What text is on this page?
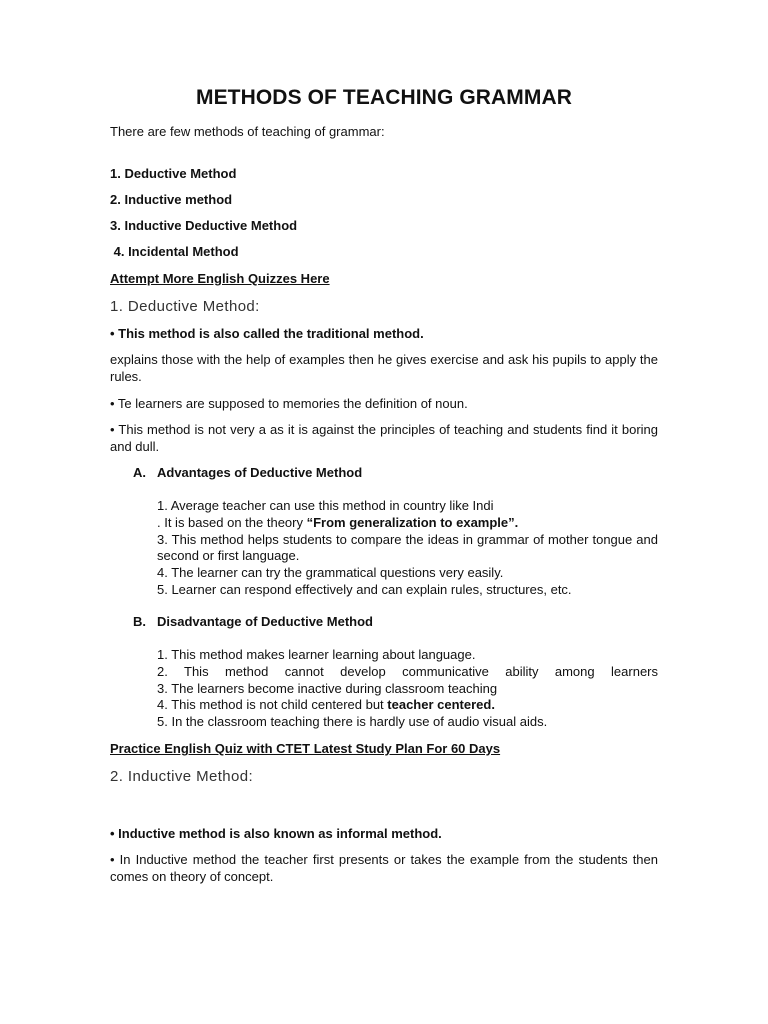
METHODS OF TEACHING GRAMMAR
There are few methods of teaching of grammar:
1. Deductive Method
2. Inductive method
3. Inductive Deductive Method
4. Incidental Method
Attempt More English Quizzes Here
1. Deductive Method:
• This method is also called the traditional method.
explains those with the help of examples then he gives exercise and ask his pupils to apply the rules.
• Te learners are supposed to memories the definition of noun.
• This method is not very a as it is against the principles of teaching and students find it boring and dull.
A. Advantages of Deductive Method
1. Average teacher can use this method in country like Indi
. It is based on the theory “From generalization to example”.
3. This method helps students to compare the ideas in grammar of mother tongue and second or first language.
4. The learner can try the grammatical questions very easily.
5. Learner can respond effectively and can explain rules, structures, etc.
B. Disadvantage of Deductive Method
1. This method makes learner learning about language.
2. This method cannot develop communicative ability among learners
3. The learners become inactive during classroom teaching
4. This method is not child centered but teacher centered.
5. In the classroom teaching there is hardly use of audio visual aids.
Practice English Quiz with CTET Latest Study Plan For 60 Days
2. Inductive Method:
• Inductive method is also known as informal method.
• In Inductive method the teacher first presents or takes the example from the students then comes on theory of concept.
